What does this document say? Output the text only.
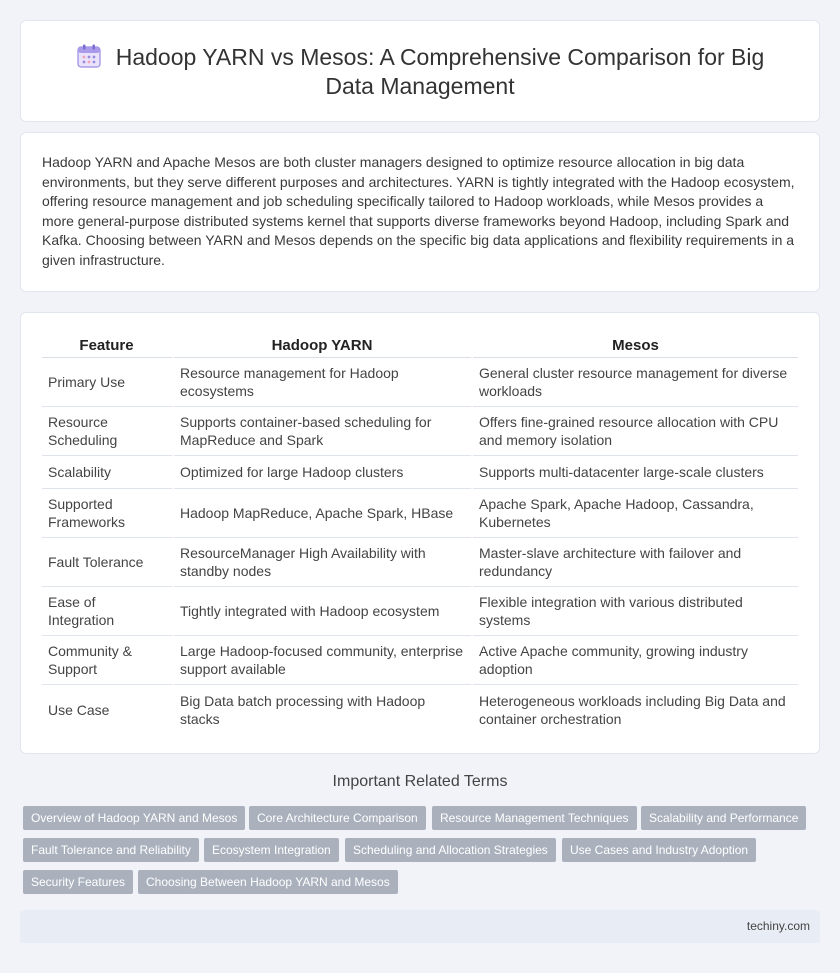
Hadoop YARN vs Mesos: A Comprehensive Comparison for Big Data Management

Hadoop YARN and Apache Mesos are both cluster managers designed to optimize resource allocation in big data environments, but they serve different purposes and architectures. YARN is tightly integrated with the Hadoop ecosystem, offering resource management and job scheduling specifically tailored to Hadoop workloads, while Mesos provides a more general-purpose distributed systems kernel that supports diverse frameworks beyond Hadoop, including Spark and Kafka. Choosing between YARN and Mesos depends on the specific big data applications and flexibility requirements in a given infrastructure.

Feature	Hadoop YARN	Mesos
Primary Use	Resource management for Hadoop ecosystems	General cluster resource management for diverse workloads
Resource Scheduling	Supports container-based scheduling for MapReduce and Spark	Offers fine-grained resource allocation with CPU and memory isolation
Scalability	Optimized for large Hadoop clusters	Supports multi-datacenter large-scale clusters
Supported Frameworks	Hadoop MapReduce, Apache Spark, HBase	Apache Spark, Apache Hadoop, Cassandra, Kubernetes
Fault Tolerance	ResourceManager High Availability with standby nodes	Master-slave architecture with failover and redundancy
Ease of Integration	Tightly integrated with Hadoop ecosystem	Flexible integration with various distributed systems
Community & Support	Large Hadoop-focused community, enterprise support available	Active Apache community, growing industry adoption
Use Case	Big Data batch processing with Hadoop stacks	Heterogeneous workloads including Big Data and container orchestration
Important Related Terms
Overview of Hadoop YARN and Mesos	Core Architecture Comparison	Resource Management Techniques	Scalability and Performance
Fault Tolerance and Reliability	Ecosystem Integration	Scheduling and Allocation Strategies	Use Cases and Industry Adoption
Security Features	Choosing Between Hadoop YARN and Mesos
techiny.com
